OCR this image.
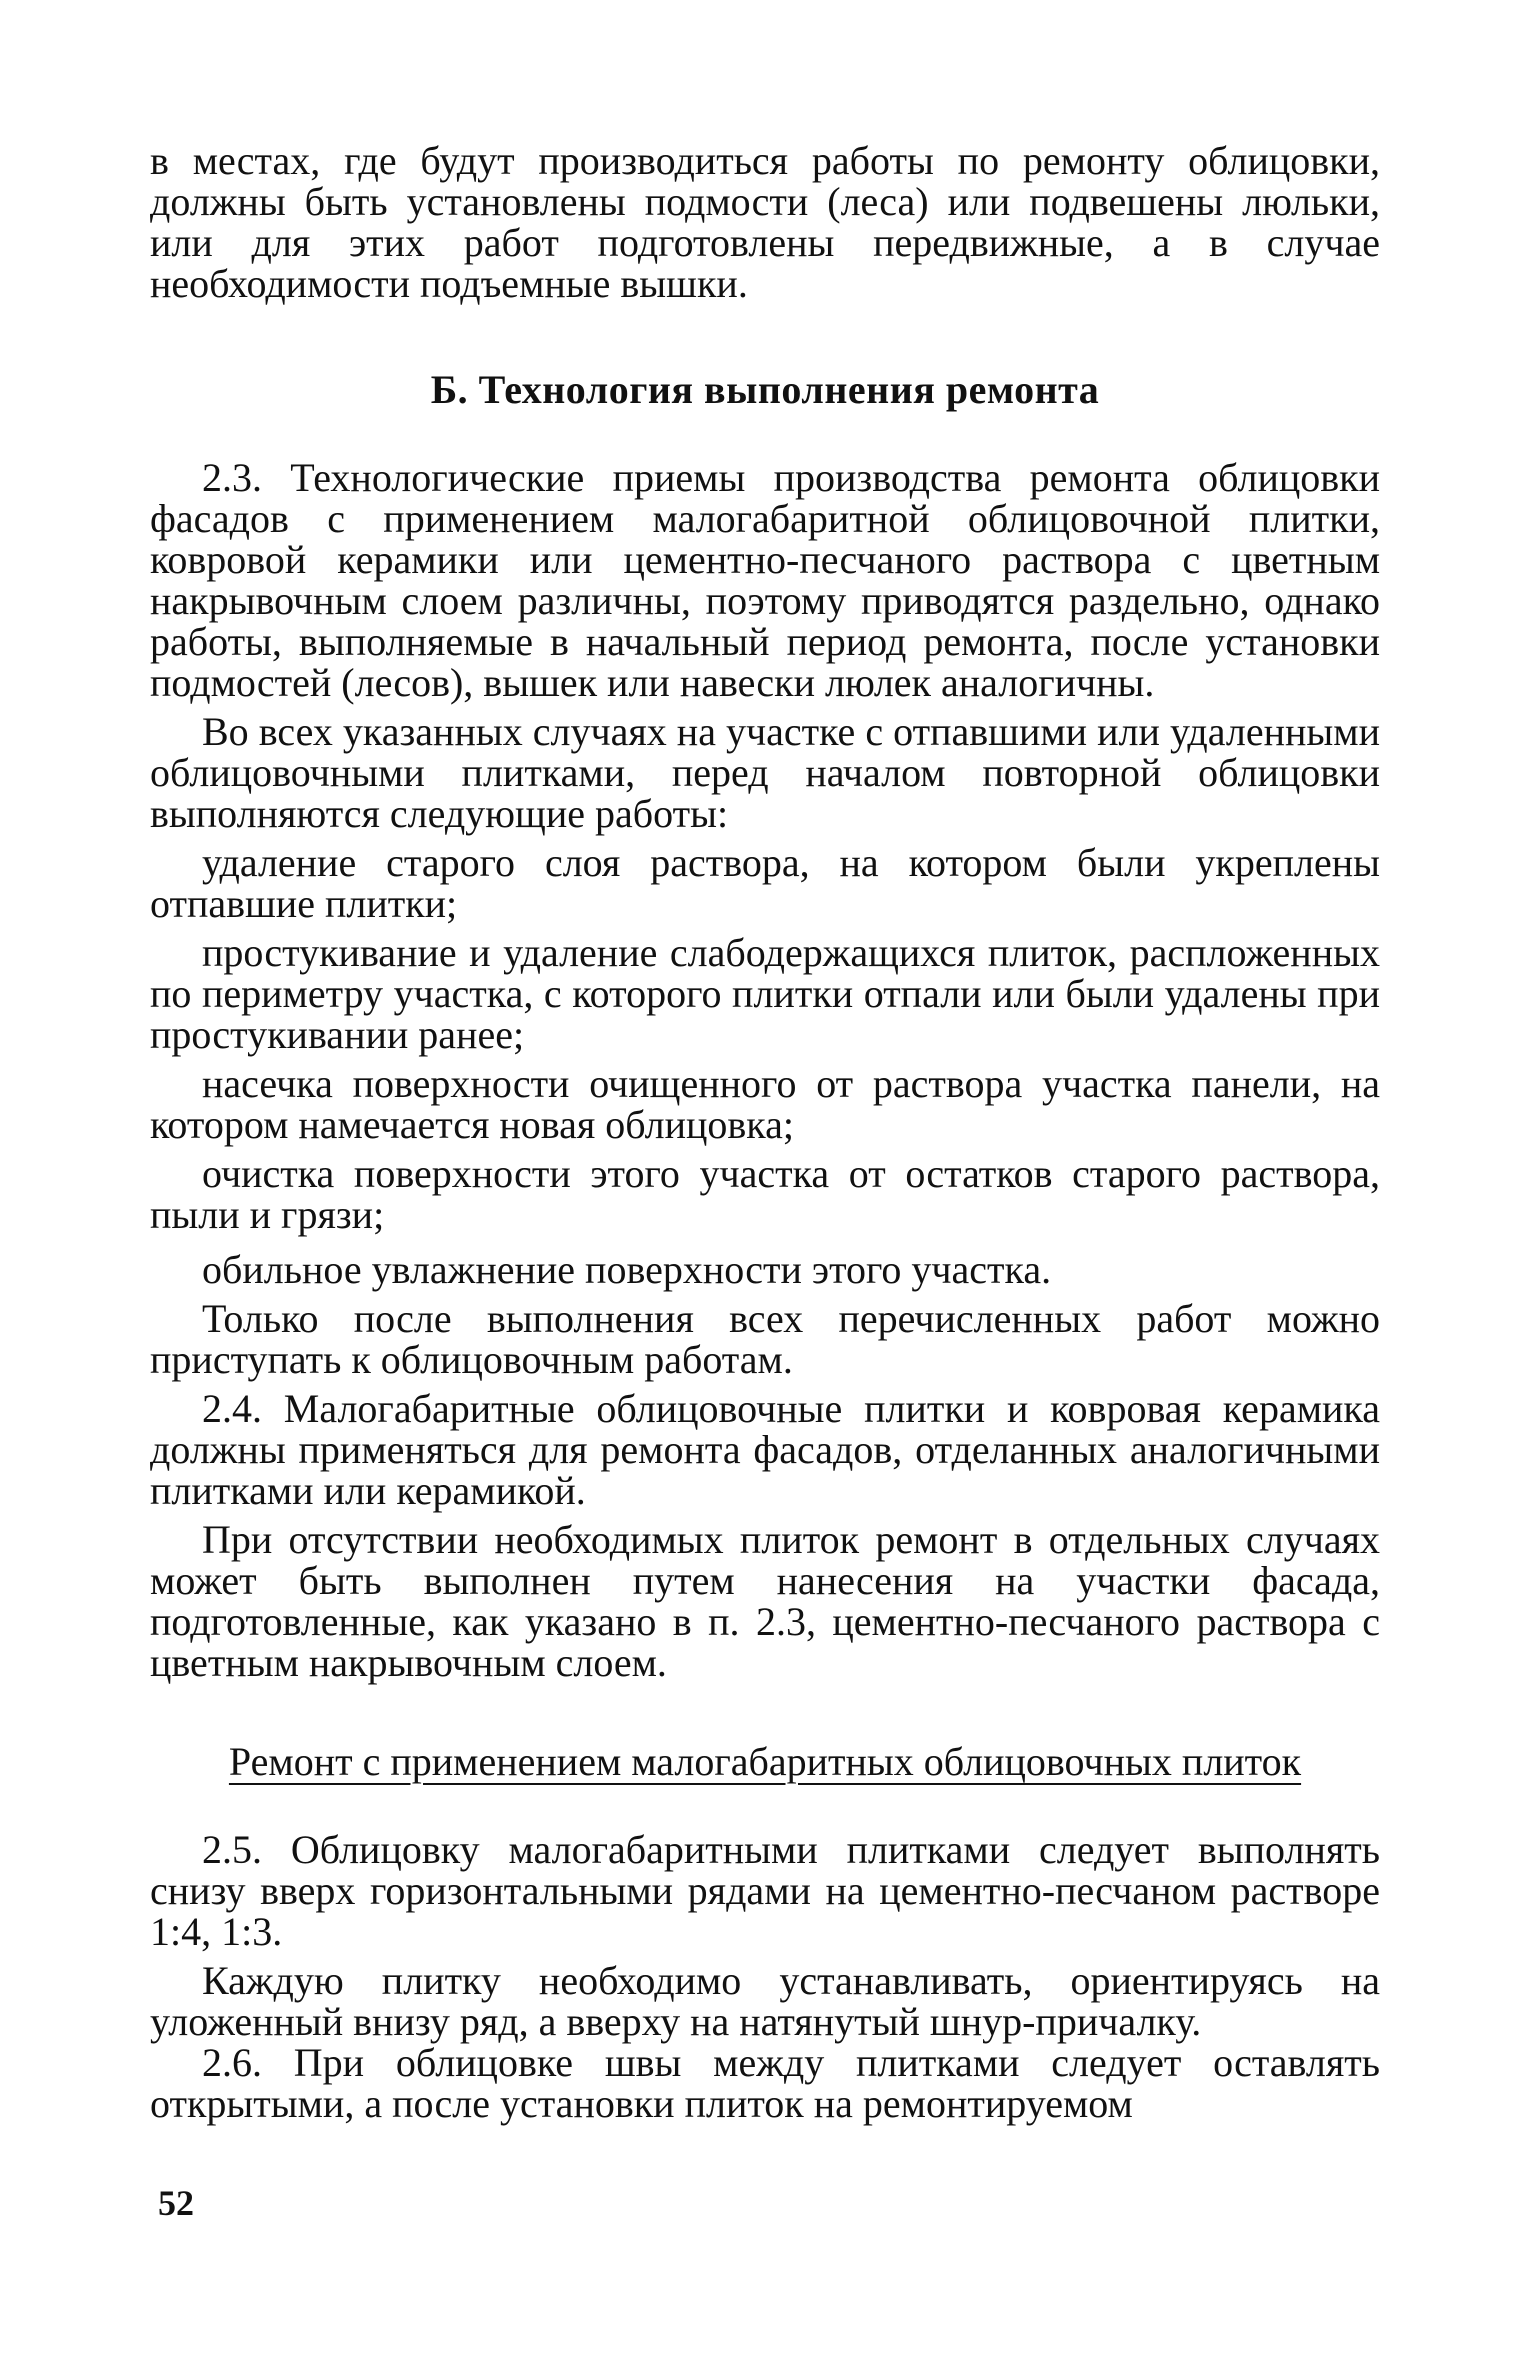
в местах, где будут производиться работы по ремонту облицовки, должны быть установлены подмости (леса) или подвешены люльки, или для этих работ подготовлены передвижные, а в случае необходимости подъемные вышки.

Б. Технология выполнения ремонта

2.3. Технологические приемы производства ремонта облицовки фасадов с применением малогабаритной облицовочной плитки, ковровой керамики или цементно-песчаного раствора с цветным накрывочным слоем различны, поэтому приводятся раздельно, однако работы, выполняемые в начальный период ремонта, после установки подмостей (лесов), вышек или навески люлек аналогичны.

Во всех указанных случаях на участке с отпавшими или удаленными облицовочными плитками, перед началом повторной облицовки выполняются следующие работы:

удаление старого слоя раствора, на котором были укреплены отпавшие плитки;

простукивание и удаление слабодержащихся плиток, распложенных по периметру участка, с которого плитки отпали или были удалены при простукивании ранее;

насечка поверхности очищенного от раствора участка панели, на котором намечается новая облицовка;

очистка поверхности этого участка от остатков старого раствора, пыли и грязи;

обильное увлажнение поверхности этого участка.

Только после выполнения всех перечисленных работ можно приступать к облицовочным работам.

2.4. Малогабаритные облицовочные плитки и ковровая керамика должны применяться для ремонта фасадов, отделанных аналогичными плитками или керамикой.

При отсутствии необходимых плиток ремонт в отдельных случаях может быть выполнен путем нанесения на участки фасада, подготовленные, как указано в п. 2.3, цементно-песчаного раствора с цветным накрывочным слоем.

Ремонт с применением малогабаритных облицовочных плиток

2.5. Облицовку малогабаритными плитками следует выполнять снизу вверх горизонтальными рядами на цементно-песчаном растворе 1:4, 1:3.

Каждую плитку необходимо устанавливать, ориентируясь на уложенный внизу ряд, а вверху на натянутый шнур-причалку.

2.6. При облицовке швы между плитками следует оставлять открытыми, а после установки плиток на ремонтируемом

52
